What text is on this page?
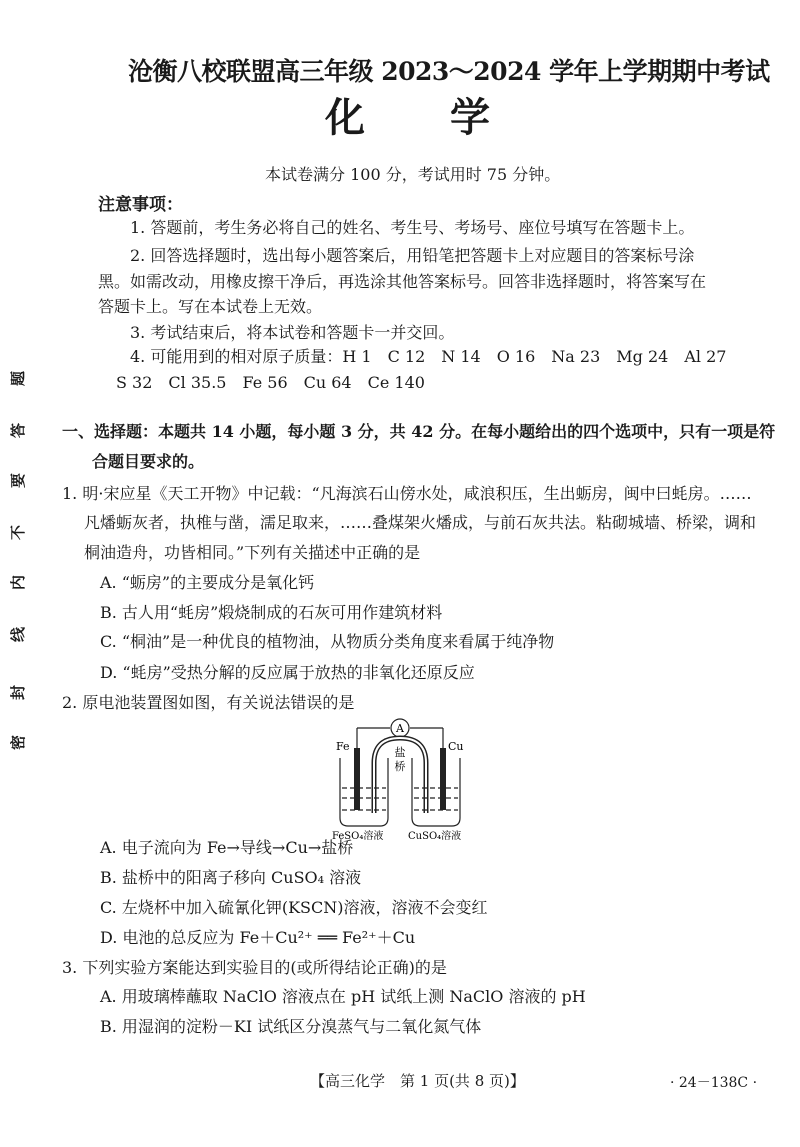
沧衡八校联盟高三年级 2023～2024 学年上学期期中考试
化 学
本试卷满分 100 分，考试用时 75 分钟。
注意事项：
1. 答题前，考生务必将自己的姓名、考生号、考场号、座位号填写在答题卡上。
2. 回答选择题时，选出每小题答案后，用铅笔把答题卡上对应题目的答案标号涂
黑。如需改动，用橡皮擦干净后，再选涂其他答案标号。回答非选择题时，将答案写在
答题卡上。写在本试卷上无效。
3. 考试结束后，将本试卷和答题卡一并交回。
4. 可能用到的相对原子质量：H 1　C 12　N 14　O 16　Na 23　Mg 24　Al 27
S 32　Cl 35.5　Fe 56　Cu 64　Ce 140
密
封
线
内
不
要
答
题
一、选择题：本题共 14 小题，每小题 3 分，共 42 分。在每小题给出的四个选项中，只有一项是符
合题目要求的。
1. 明·宋应星《天工开物》中记载：“凡海滨石山傍水处，咸浪积压，生出蛎房，闽中曰蚝房。……
凡燔蛎灰者，执椎与凿，濡足取来，……叠煤架火燔成，与前石灰共法。粘砌城墙、桥梁，调和
桐油造舟，功皆相同。”下列有关描述中正确的是
A. “蛎房”的主要成分是氧化钙
B. 古人用“蚝房”煅烧制成的石灰可用作建筑材料
C. “桐油”是一种优良的植物油，从物质分类角度来看属于纯净物
D. “蚝房”受热分解的反应属于放热的非氧化还原反应
2. 原电池装置图如图，有关说法错误的是
A
Fe	Cu
盐
桥
FeSO₄溶液 CuSO₄溶液
A. 电子流向为 Fe→导线→Cu→盐桥
B. 盐桥中的阳离子移向 CuSO₄ 溶液
C. 左烧杯中加入硫氰化钾(KSCN)溶液，溶液不会变红
D. 电池的总反应为 Fe＋Cu²⁺ ══ Fe²⁺＋Cu
3. 下列实验方案能达到实验目的(或所得结论正确)的是
A. 用玻璃棒蘸取 NaClO 溶液点在 pH 试纸上测 NaClO 溶液的 pH
B. 用湿润的淀粉－KI 试纸区分溴蒸气与二氧化氮气体
【高三化学　第 1 页(共 8 页)】	· 24－138C ·
